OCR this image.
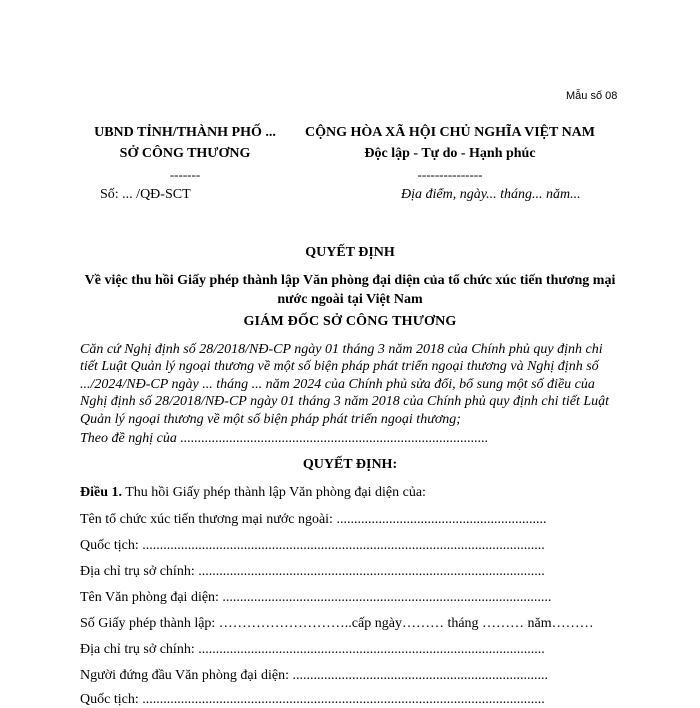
Mẫu số 08
UBND TỈNH/THÀNH PHỐ ...
SỞ CÔNG THƯƠNG
-------
CỘNG HÒA XÃ HỘI CHỦ NGHĨA VIỆT NAM
Độc lập - Tự do - Hạnh phúc
---------------
Số: ... /QĐ-SCT	Địa điểm, ngày... tháng... năm...
QUYẾT ĐỊNH
Về việc thu hồi Giấy phép thành lập Văn phòng đại diện của tổ chức xúc tiến thương mại nước ngoài tại Việt Nam
GIÁM ĐỐC SỞ CÔNG THƯƠNG
Căn cứ Nghị định số 28/2018/NĐ-CP ngày 01 tháng 3 năm 2018 của Chính phủ quy định chi tiết Luật Quản lý ngoại thương về một số biện pháp phát triển ngoại thương và Nghị định số .../2024/NĐ-CP ngày ... tháng ... năm 2024 của Chính phủ sửa đổi, bổ sung một số điều của Nghị định số 28/2018/NĐ-CP ngày 01 tháng 3 năm 2018 của Chính phủ quy định chi tiết Luật Quản lý ngoại thương về một số biện pháp phát triển ngoại thương;
Theo đề nghị của ........................................................................................
QUYẾT ĐỊNH:
Điều 1. Thu hồi Giấy phép thành lập Văn phòng đại diện của:
Tên tổ chức xúc tiến thương mại nước ngoài: ............................................................
Quốc tịch: ...................................................................................................................
Địa chỉ trụ sở chính: ...................................................................................................
Tên Văn phòng đại diện: ..............................................................................................
Số Giấy phép thành lập: ………………………..cấp ngày……… tháng ……… năm………
Địa chỉ trụ sở chính: ...................................................................................................
Người đứng đầu Văn phòng đại diện: .........................................................................
Quốc tịch: ...................................................................................................................
